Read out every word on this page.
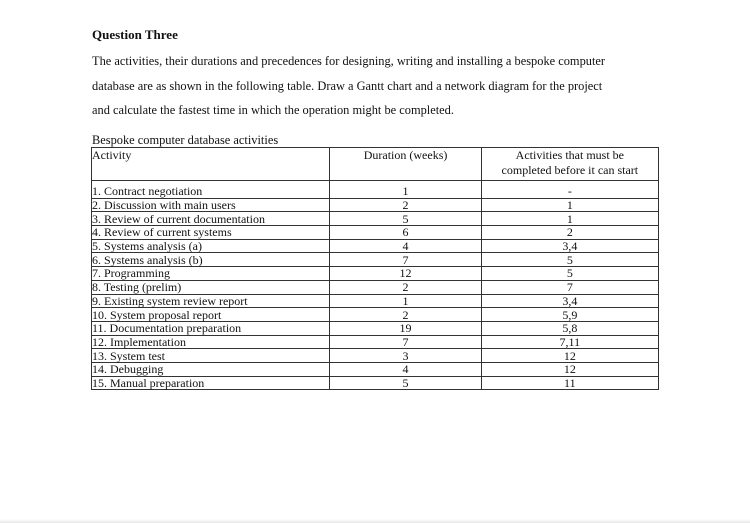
Question Three
The activities, their durations and precedences for designing, writing and installing a bespoke computer
database are as shown in the following table. Draw a Gantt chart and a network diagram for the project
and calculate the fastest time in which the operation might be completed.
Bespoke computer database activities
Activity	Duration (weeks)	Activities that must be
completed before it can start

1. Contract negotiation	1	-
2. Discussion with main users	2	1
3. Review of current documentation	5	1
4. Review of current systems	6	2
5. Systems analysis (a)	4	3,4
6. Systems analysis (b)	7	5
7. Programming	12	5
8. Testing (prelim)	2	7
9. Existing system review report	1	3,4
10. System proposal report	2	5,9
11. Documentation preparation	19	5,8
12. Implementation	7	7,11
13. System test	3	12
14. Debugging	4	12
15. Manual preparation	5	11
